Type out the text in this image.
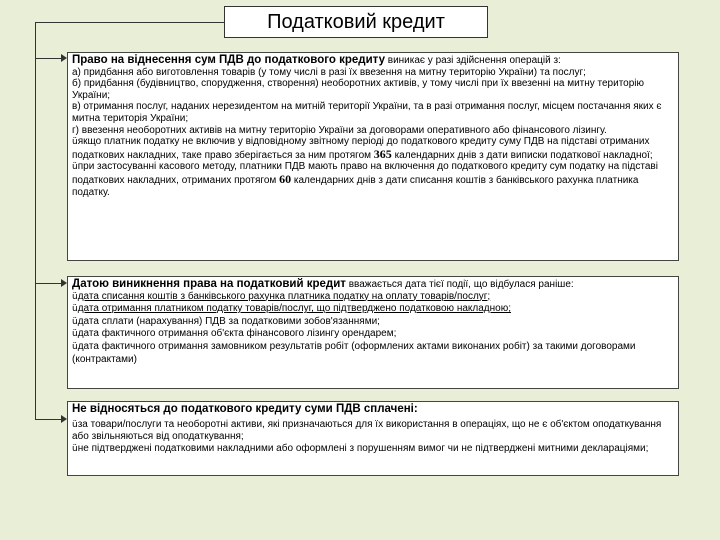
Податковий кредит

Право на віднесення сум ПДВ до податкового кредиту виникає у разі здійснення операцій з:

а) придбання або виготовлення товарів (у тому числі в разі їх ввезення на митну територію України) та послуг;

б) придбання (будівництво, спорудження, створення) необоротних активів, у тому числі при їх ввезенні на митну територію України;

в) отримання послуг, наданих нерезидентом на митній території України, та в разі отримання послуг, місцем постачання яких є митна територія України;

г) ввезення необоротних активів на митну територію України за договорами оперативного або фінансового лізингу.

üякщо платник податку не включив у відповідному звітному періоді до податкового кредиту суму ПДВ на підставі отриманих податкових накладних, таке право зберігається за ним протягом 365 календарних днів з дати виписки податкової накладної;

üпри застосуванні касового методу, платники ПДВ мають право на включення до податкового кредиту сум податку на підставі податкових накладних, отриманих протягом 60 календарних днів з дати списання коштів з банківського рахунка платника податку.

Датою виникнення права на податковий кредит вважається дата тієї події, що відбулася раніше:

üдата списання коштів з банківського рахунка платника податку на оплату товарів/послуг;

üдата отримання платником податку товарів/послуг, що підтверджено податковою накладною;

üдата сплати (нарахування) ПДВ за податковими зобов'язаннями;

üдата фактичного отримання об'єкта фінансового лізингу орендарем;

üдата фактичного отримання замовником результатів робіт (оформлених актами виконаних робіт) за такими договорами (контрактами)

Не відносяться до податкового кредиту суми ПДВ сплачені:

üза товари/послуги та необоротні активи, які призначаються для їх використання в операціях, що не є об'єктом оподаткування або звільняються від оподаткування;

üне підтверджені податковими накладними або оформлені з порушенням вимог чи не підтверджені митними деклараціями;
